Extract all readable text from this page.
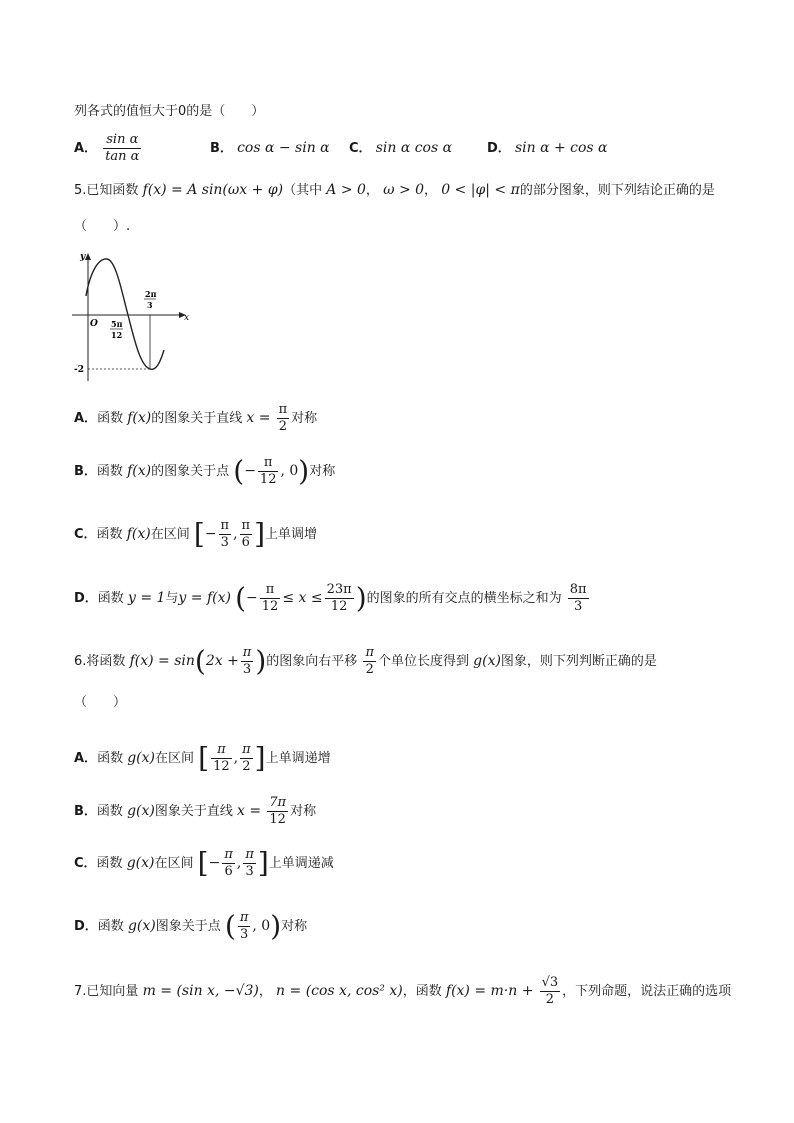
列各式的值恒大于0的是（　　）
A． $\frac{\text{sin α}}{\text{tan α}}$	B． cos α − sin α C． sin α cos α	D． sin α + cos α
5.已知函数 f(x) = A sin(ωx + φ)（其中 A > 0， ω > 0， 0 < |φ| < π的部分图象，则下列结论正确的是
（　　）.
y
x
O
-2
5π
12
2π
3
A．函数 f(x)的图象关于直线 $x = \frac{\pi}{2}$ 对称
B．函数 f(x)的图象关于点 (− $\frac{\pi}{12}$ , 0)对称
C．函数 f(x)在区间 [− $\frac{\pi}{3}$ , $\frac{\pi}{6}$ ]上单调增
D．函数 y = 1与y = f(x) (− $\frac{\pi}{12} \le x \le \frac{23\pi}{12}$ )的图象的所有交点的横坐标之和为 $\frac{8\pi}{3}$
6.将函数 $f(x) = \sin(2x + \frac{\pi}{3}$ )的图象向右平移 $\frac{\pi}{2}$ 个单位长度得到 g(x)图象，则下列判断正确的是
（　　）
A．函数 g(x)在区间 [ $\frac{\pi}{12}$ , $\frac{\pi}{2}$ ]上单调递增
B．函数 g(x)图象关于直线 $x = \frac{7\pi}{12}$ 对称
C．函数 g(x)在区间 [− $\frac{\pi}{6}$ , $\frac{\pi}{3}$ ]上单调递减
D．函数 g(x)图象关于点 ( $\frac{\pi}{3}$ , 0)对称
7.已知向量 m = (sin x, −√3)， n = (cos x, cos² x)，函数 $f(x) = m\cdot n + \frac{√3}{2}$ ，下列命题，说法正确的选项
